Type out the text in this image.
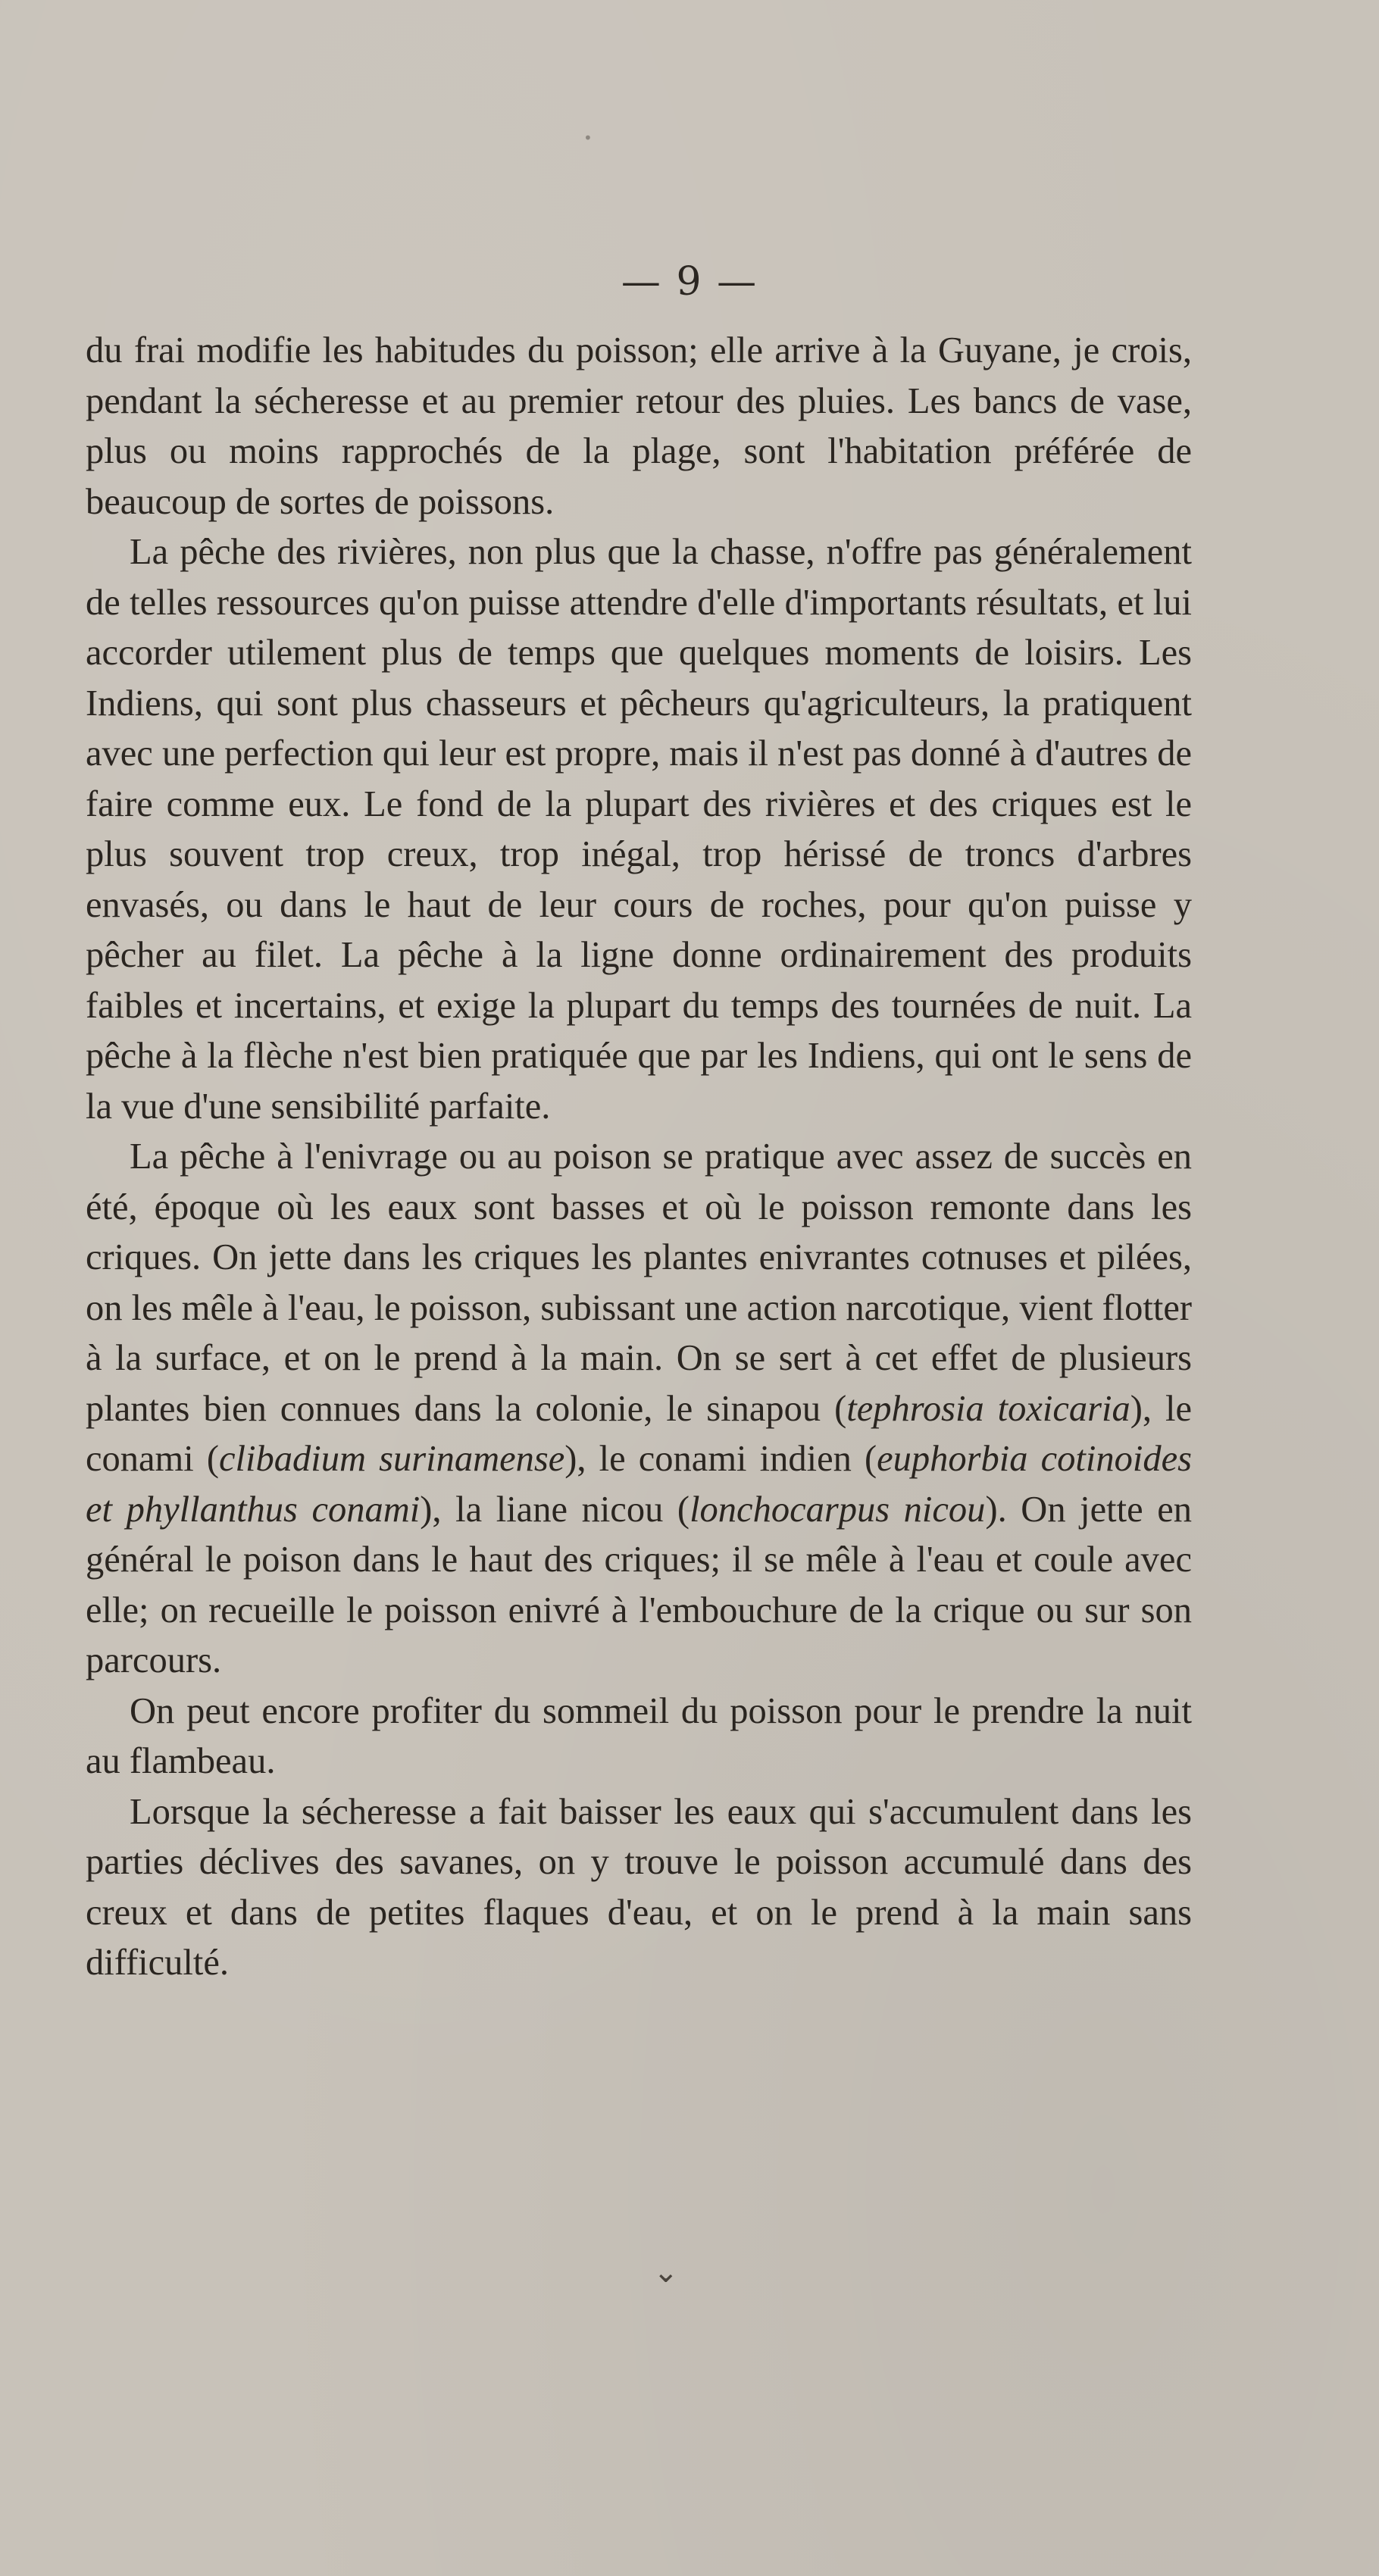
•
— 9 —

du frai modifie les habitudes du poisson; elle arrive à la Guyane, je crois, pendant la sécheresse et au premier retour des pluies. Les bancs de vase, plus ou moins rapprochés de la plage, sont l'habitation préférée de beaucoup de sortes de poissons.

La pêche des rivières, non plus que la chasse, n'offre pas généralement de telles ressources qu'on puisse attendre d'elle d'importants résultats, et lui accorder utilement plus de temps que quelques moments de loisirs. Les Indiens, qui sont plus chasseurs et pêcheurs qu'agriculteurs, la pratiquent avec une perfection qui leur est propre, mais il n'est pas donné à d'autres de faire comme eux. Le fond de la plupart des rivières et des criques est le plus souvent trop creux, trop inégal, trop hérissé de troncs d'arbres envasés, ou dans le haut de leur cours de roches, pour qu'on puisse y pêcher au filet. La pêche à la ligne donne ordinairement des produits faibles et incertains, et exige la plupart du temps des tournées de nuit. La pêche à la flèche n'est bien pratiquée que par les Indiens, qui ont le sens de la vue d'une sensibilité parfaite.

La pêche à l'enivrage ou au poison se pratique avec assez de succès en été, époque où les eaux sont basses et où le poisson remonte dans les criques. On jette dans les criques les plantes enivrantes cotnuses et pilées, on les mêle à l'eau, le poisson, subissant une action narcotique, vient flotter à la surface, et on le prend à la main. On se sert à cet effet de plusieurs plantes bien connues dans la colonie, le sinapou (tephrosia toxicaria), le conami (clibadium surinamense), le conami indien (euphorbia cotinoides et phyllanthus conami), la liane nicou (lonchocarpus nicou). On jette en général le poison dans le haut des criques; il se mêle à l'eau et coule avec elle; on recueille le poisson enivré à l'embouchure de la crique ou sur son parcours.

On peut encore profiter du sommeil du poisson pour le prendre la nuit au flambeau.

Lorsque la sécheresse a fait baisser les eaux qui s'accumulent dans les parties déclives des savanes, on y trouve le poisson accumulé dans des creux et dans de petites flaques d'eau, et on le prend à la main sans difficulté.

⌄
